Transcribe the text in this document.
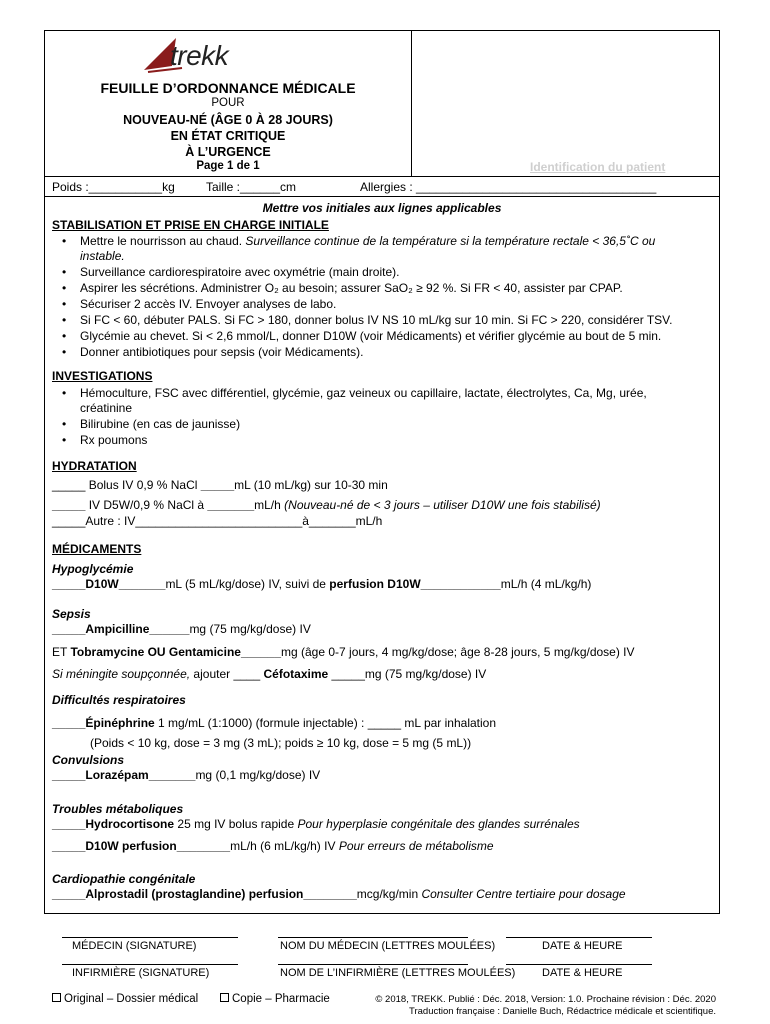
trekk
FEUILLE D’ORDONNANCE MÉDICALE
POUR
NOUVEAU-NÉ (ÂGE 0 À 28 JOURS)
EN ÉTAT CRITIQUE
À L’URGENCE
Page 1 de 1	Identification du patient
Poids :___________kg	Taille :______cm	Allergies : ____________________________________
Mettre vos initiales aux lignes applicables
STABILISATION ET PRISE EN CHARGE INITIALE
• Mettre le nourrisson au chaud. Surveillance continue de la température si la température rectale < 36,5˚C ou
instable.
• Surveillance cardiorespiratoire avec oxymétrie (main droite).
• Aspirer les sécrétions. Administrer O₂ au besoin; assurer SaO₂ ≥ 92 %. Si FR < 40, assister par CPAP.
• Sécuriser 2 accès IV. Envoyer analyses de labo.
• Si FC < 60, débuter PALS. Si FC > 180, donner bolus IV NS 10 mL/kg sur 10 min. Si FC > 220, considérer TSV.
• Glycémie au chevet. Si < 2,6 mmol/L, donner D10W (voir Médicaments) et vérifier glycémie au bout de 5 min.
• Donner antibiotiques pour sepsis (voir Médicaments).
INVESTIGATIONS
• Hémoculture, FSC avec différentiel, glycémie, gaz veineux ou capillaire, lactate, électrolytes, Ca, Mg, urée,
créatinine
• Bilirubine (en cas de jaunisse)
• Rx poumons
HYDRATATION
_____ Bolus IV 0,9 % NaCl _____mL (10 mL/kg) sur 10-30 min
_____ IV D5W/0,9 % NaCl à _______mL/h (Nouveau-né de < 3 jours – utiliser D10W une fois stabilisé)
_____Autre : IV_________________________à_______mL/h
MÉDICAMENTS
Hypoglycémie
_____D10W_______mL (5 mL/kg/dose) IV, suivi de perfusion D10W____________mL/h (4 mL/kg/h)
Sepsis
_____Ampicilline______mg (75 mg/kg/dose) IV
ET Tobramycine OU Gentamicine______mg (âge 0-7 jours, 4 mg/kg/dose; âge 8-28 jours, 5 mg/kg/dose) IV
Si méningite soupçonnée, ajouter ____ Céfotaxime _____mg (75 mg/kg/dose) IV
Difficultés respiratoires
_____Épinéphrine 1 mg/mL (1:1000) (formule injectable) : _____ mL par inhalation
(Poids < 10 kg, dose = 3 mg (3 mL); poids ≥ 10 kg, dose = 5 mg (5 mL))
Convulsions
_____Lorazépam_______mg (0,1 mg/kg/dose) IV
Troubles métaboliques
_____Hydrocortisone 25 mg IV bolus rapide Pour hyperplasie congénitale des glandes surrénales
_____D10W perfusion________mL/h (6 mL/kg/h) IV Pour erreurs de métabolisme
Cardiopathie congénitale
_____Alprostadil (prostaglandine) perfusion________mcg/kg/min Consulter Centre tertiaire pour dosage
MÉDECIN (SIGNATURE)	NOM DU MÉDECIN (LETTRES MOULÉES)	DATE & HEURE
INFIRMIÈRE (SIGNATURE)	NOM DE L’INFIRMIÈRE (LETTRES MOULÉES) DATE & HEURE
Original – Dossier médical	Copie – Pharmacie	© 2018, TREKK. Publié : Déc. 2018, Version: 1.0. Prochaine révision : Déc. 2020
Traduction française : Danielle Buch, Rédactrice médicale et scientifique.
